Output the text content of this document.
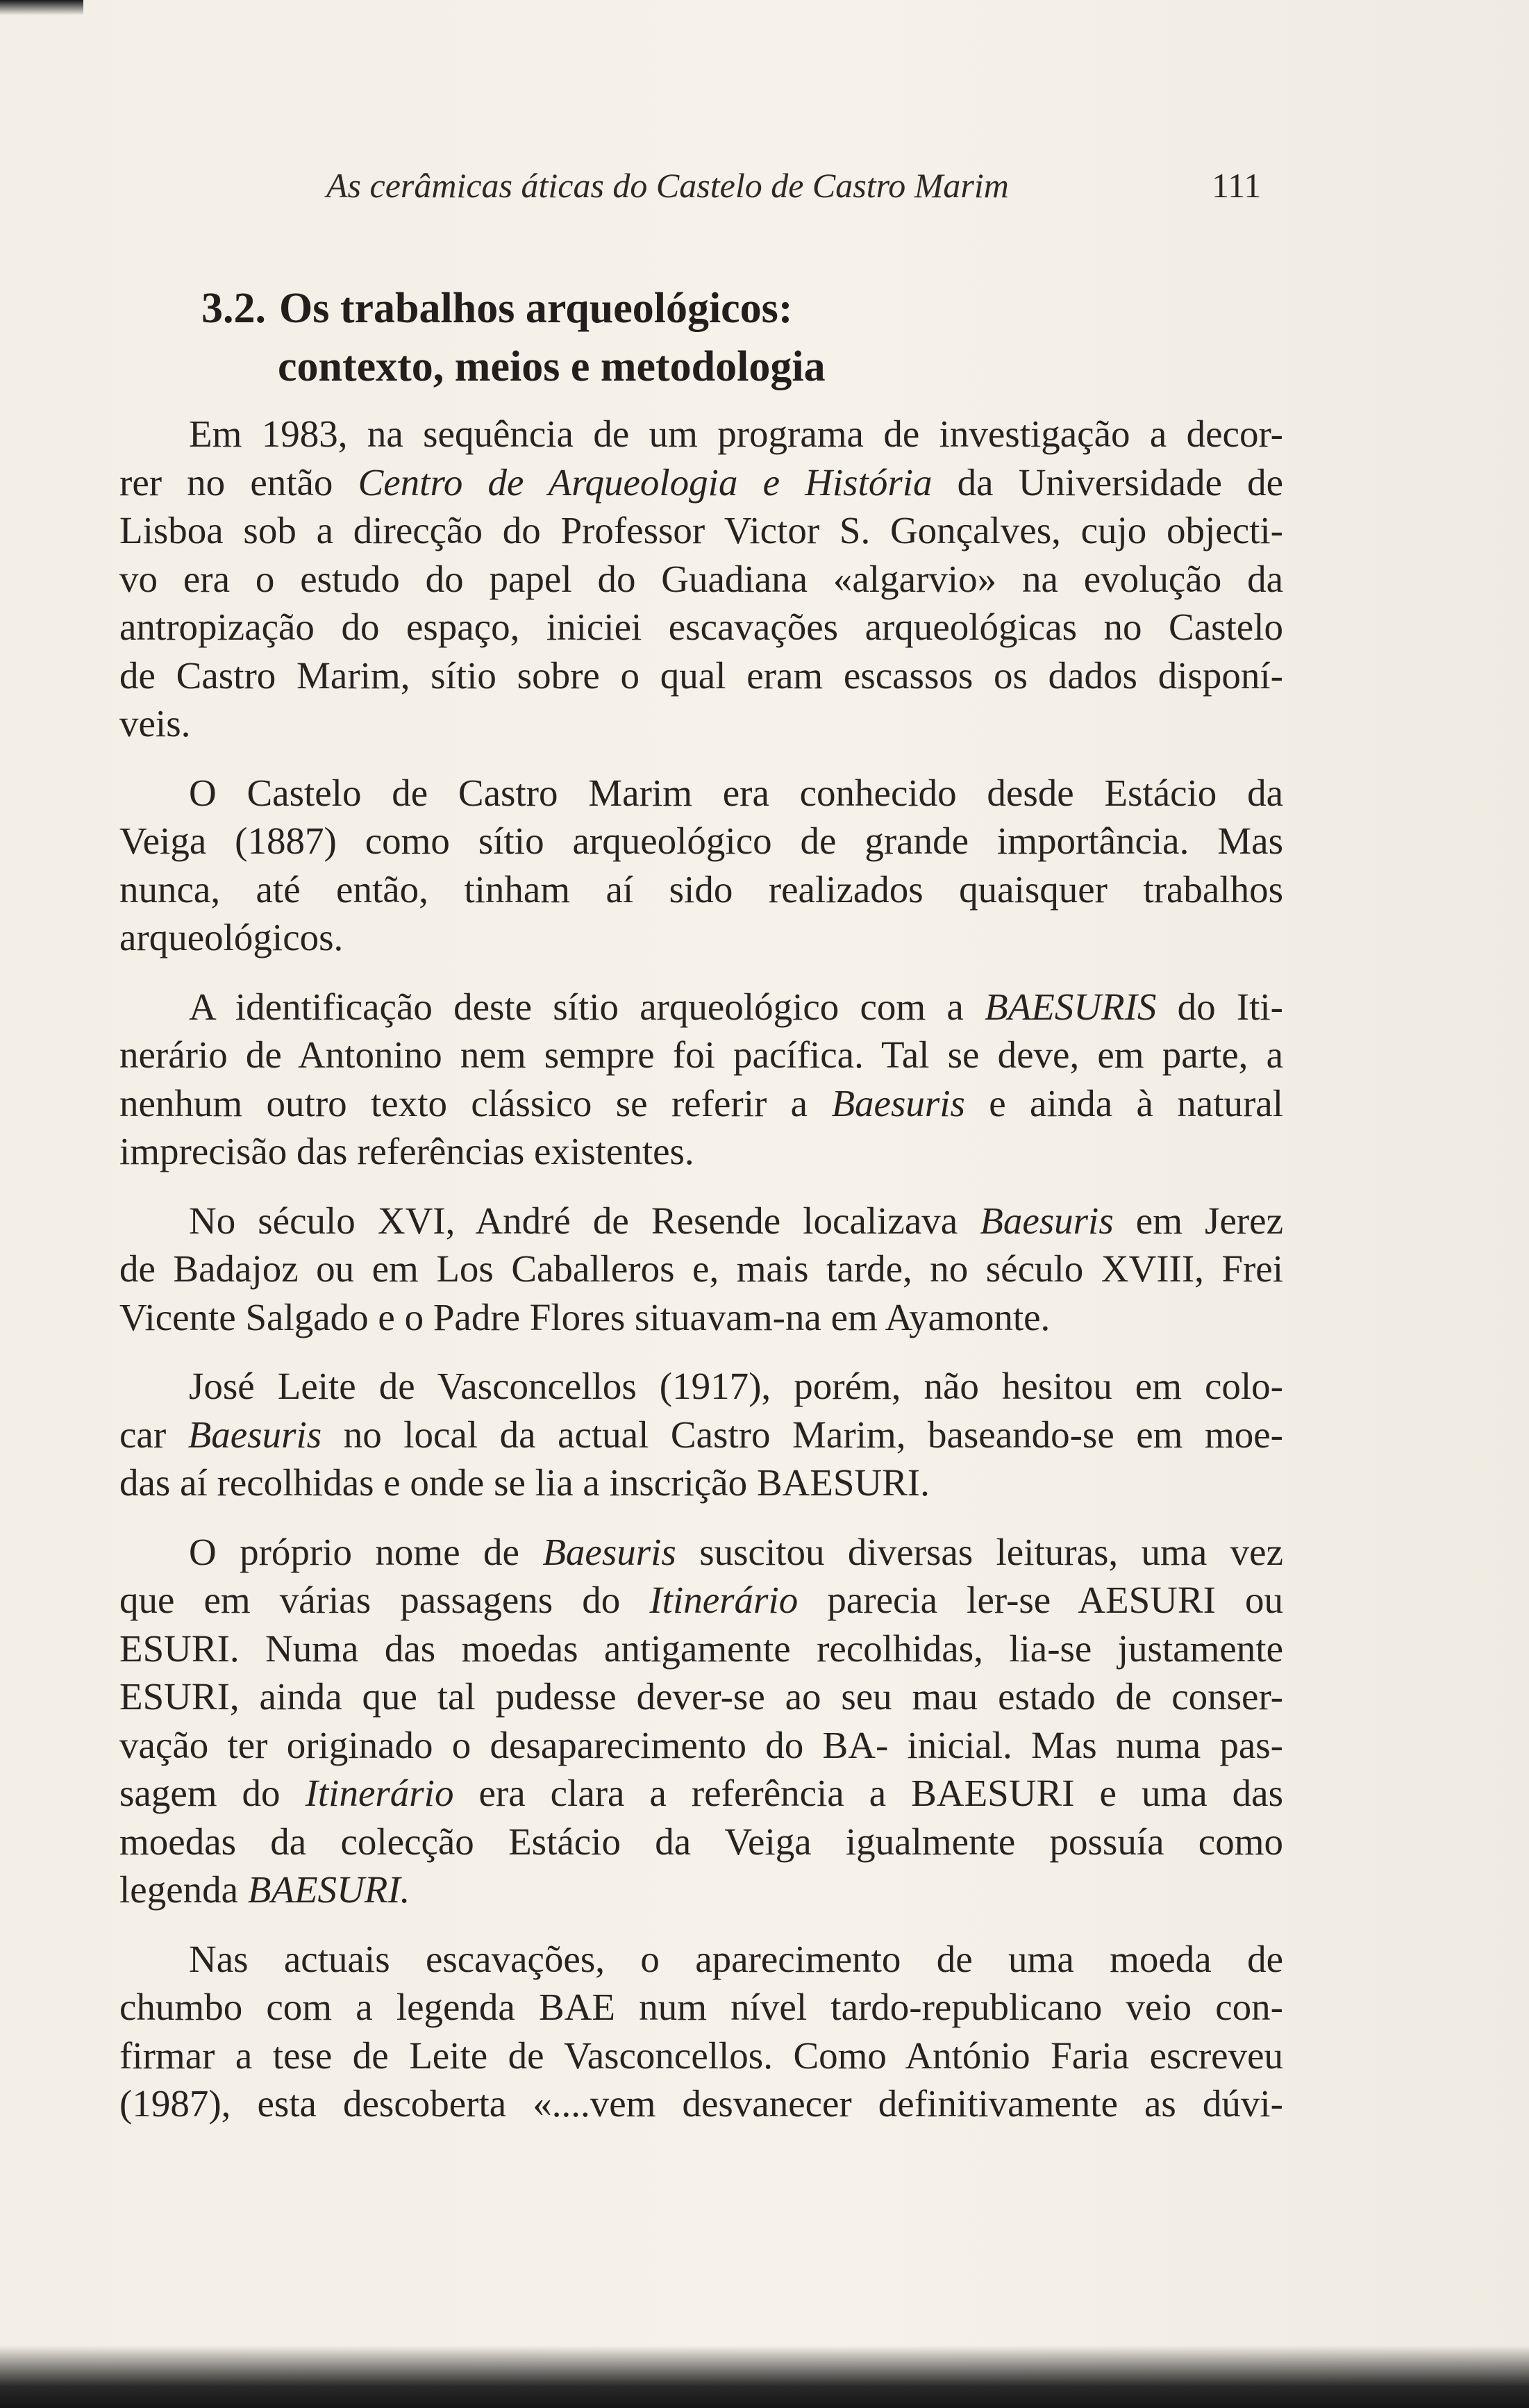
As cerâmicas áticas do Castelo de Castro Marim	111
3.2. Os trabalhos arqueológicos:
contexto, meios e metodologia
Em 1983, na sequência de um programa de investigação a decor-
rer no então Centro de Arqueologia e História da Universidade de
Lisboa sob a direcção do Professor Victor S. Gonçalves, cujo objecti-
vo era o estudo do papel do Guadiana «algarvio» na evolução da
antropização do espaço, iniciei escavações arqueológicas no Castelo
de Castro Marim, sítio sobre o qual eram escassos os dados disponí-
veis.
O Castelo de Castro Marim era conhecido desde Estácio da
Veiga (1887) como sítio arqueológico de grande importância. Mas
nunca, até então, tinham aí sido realizados quaisquer trabalhos
arqueológicos.
A identificação deste sítio arqueológico com a BAESURIS do Iti-
nerário de Antonino nem sempre foi pacífica. Tal se deve, em parte, a
nenhum outro texto clássico se referir a Baesuris e ainda à natural
imprecisão das referências existentes.
No século XVI, André de Resende localizava Baesuris em Jerez
de Badajoz ou em Los Caballeros e, mais tarde, no século XVIII, Frei
Vicente Salgado e o Padre Flores situavam-na em Ayamonte.
José Leite de Vasconcellos (1917), porém, não hesitou em colo-
car Baesuris no local da actual Castro Marim, baseando-se em moe-
das aí recolhidas e onde se lia a inscrição BAESURI.
O próprio nome de Baesuris suscitou diversas leituras, uma vez
que em várias passagens do Itinerário parecia ler-se AESURI ou
ESURI. Numa das moedas antigamente recolhidas, lia-se justamente
ESURI, ainda que tal pudesse dever-se ao seu mau estado de conser-
vação ter originado o desaparecimento do BA- inicial. Mas numa pas-
sagem do Itinerário era clara a referência a BAESURI e uma das
moedas da colecção Estácio da Veiga igualmente possuía como
legenda BAESURI.
Nas actuais escavações, o aparecimento de uma moeda de
chumbo com a legenda BAE num nível tardo-republicano veio con-
firmar a tese de Leite de Vasconcellos. Como António Faria escreveu
(1987), esta descoberta «....vem desvanecer definitivamente as dúvi-
